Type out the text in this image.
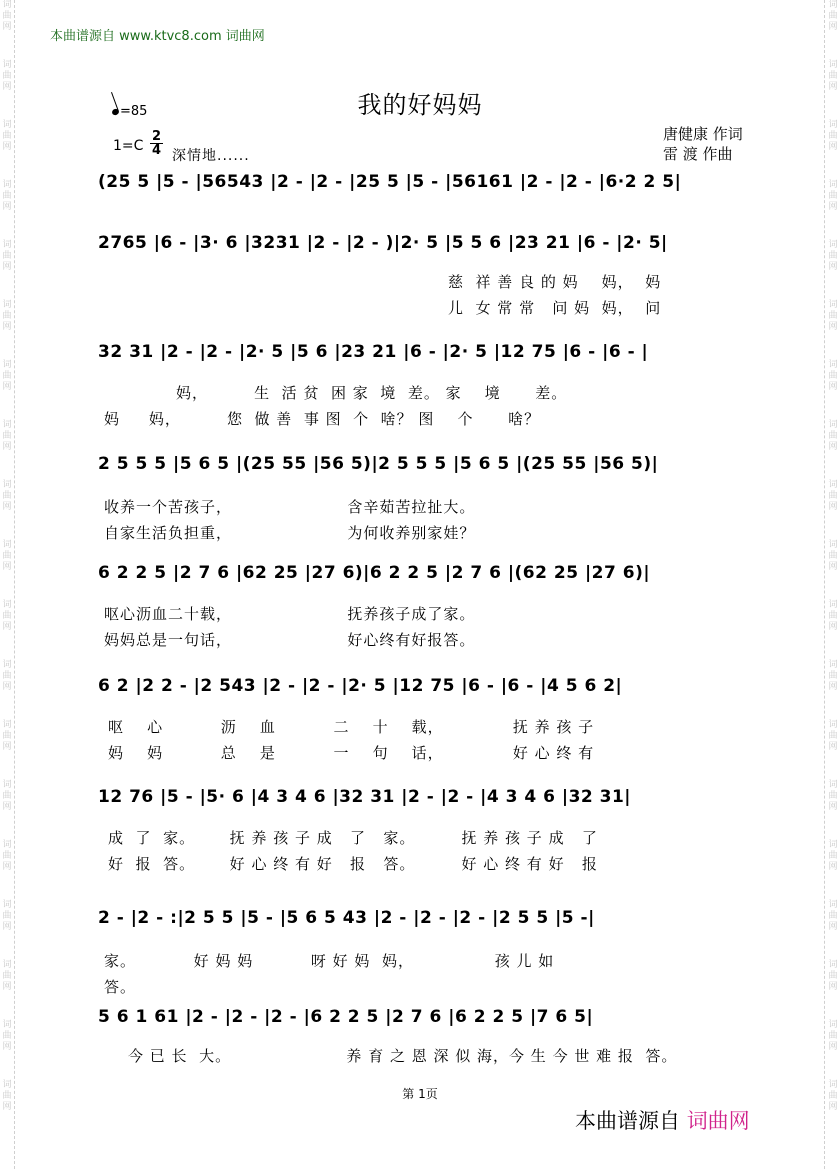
词
曲
网
词
曲
网
词
曲
网
词
曲
网
词
曲
网
词
曲
网
词
曲
网
词
曲
网
词
曲
网
词
曲
网
词
曲
网
词
曲
网
词
曲
网
词
曲
网
词
曲
网
词
曲
网
词
曲
网
词
曲
网
词
曲
网
词
曲
网
词
曲
网
词
曲
网
词
曲
网
词
曲
网
词
曲
网
词
曲
网
词
曲
网
词
曲
网
词
曲
网
词
曲
网
词
曲
网
词
曲
网
词
曲
网
词
曲
网
词
曲
网
词
曲
网
词
曲
网
词
曲
网
本曲谱源自 www.ktvc8.com 词曲网
我的好妈妈
=85
1=C
2
4 深情地......
唐健康 作词
雷 渡 作曲
(25 5 |5 - |56543 |2 - |2 - |25 5 |5 - |56161 |2 - |2 - |6·2 2 5|
2765 |6 - |3· 6 |3231 |2 - |2 - )|2· 5 |5 5 6 |23 21 |6 - |2· 5|
慈  祥 善 良 的 妈    妈，  妈
儿  女 常 常   问 妈  妈，  问
32 31 |2 - |2 - |2· 5 |5 6 |23 21 |6 - |2· 5 |12 75 |6 - |6 - |
妈，        生  活 贫  困 家  境  差。 家    境      差。
妈     妈，        您  做 善  事 图  个  啥？ 图    个      啥？
2 5 5 5 |5 6 5 |(25 55 |56 5)|2 5 5 5 |5 6 5 |(25 55 |56 5)|
收养一个苦孩子，                    含辛茹苦拉扯大。
自家生活负担重，                    为何收养别家娃？
6 2 2 5 |2 7 6 |62 25 |27 6)|6 2 2 5 |2 7 6 |(62 25 |27 6)|
呕心沥血二十载，                    抚养孩子成了家。
妈妈总是一句话，                    好心终有好报答。
6 2 |2 2 - |2 543 |2 - |2 - |2· 5 |12 75 |6 - |6 - |4 5 6 2|
呕    心          沥    血          二    十    载，            抚 养 孩 子
妈    妈          总    是          一    句    话，            好 心 终 有
12 76 |5 - |5· 6 |4 3 4 6 |32 31 |2 - |2 - |4 3 4 6 |32 31|
成  了  家。      抚 养 孩 子 成   了   家。        抚 养 孩 子 成   了
好  报  答。      好 心 终 有 好   报   答。        好 心 终 有 好   报
2 - |2 - :|2 5 5 |5 - |5 6 5 43 |2 - |2 - |2 - |2 5 5 |5 -|
家。          好 妈 妈          呀 好 妈  妈，              孩 儿 如
答。
5 6 1 61 |2 - |2 - |2 - |6 2 2 5 |2 7 6 |6 2 2 5 |7 6 5|
今 已 长  大。                    养 育 之 恩 深 似 海，今 生 今 世 难 报  答。
第 1页
本曲谱源自 词曲网
